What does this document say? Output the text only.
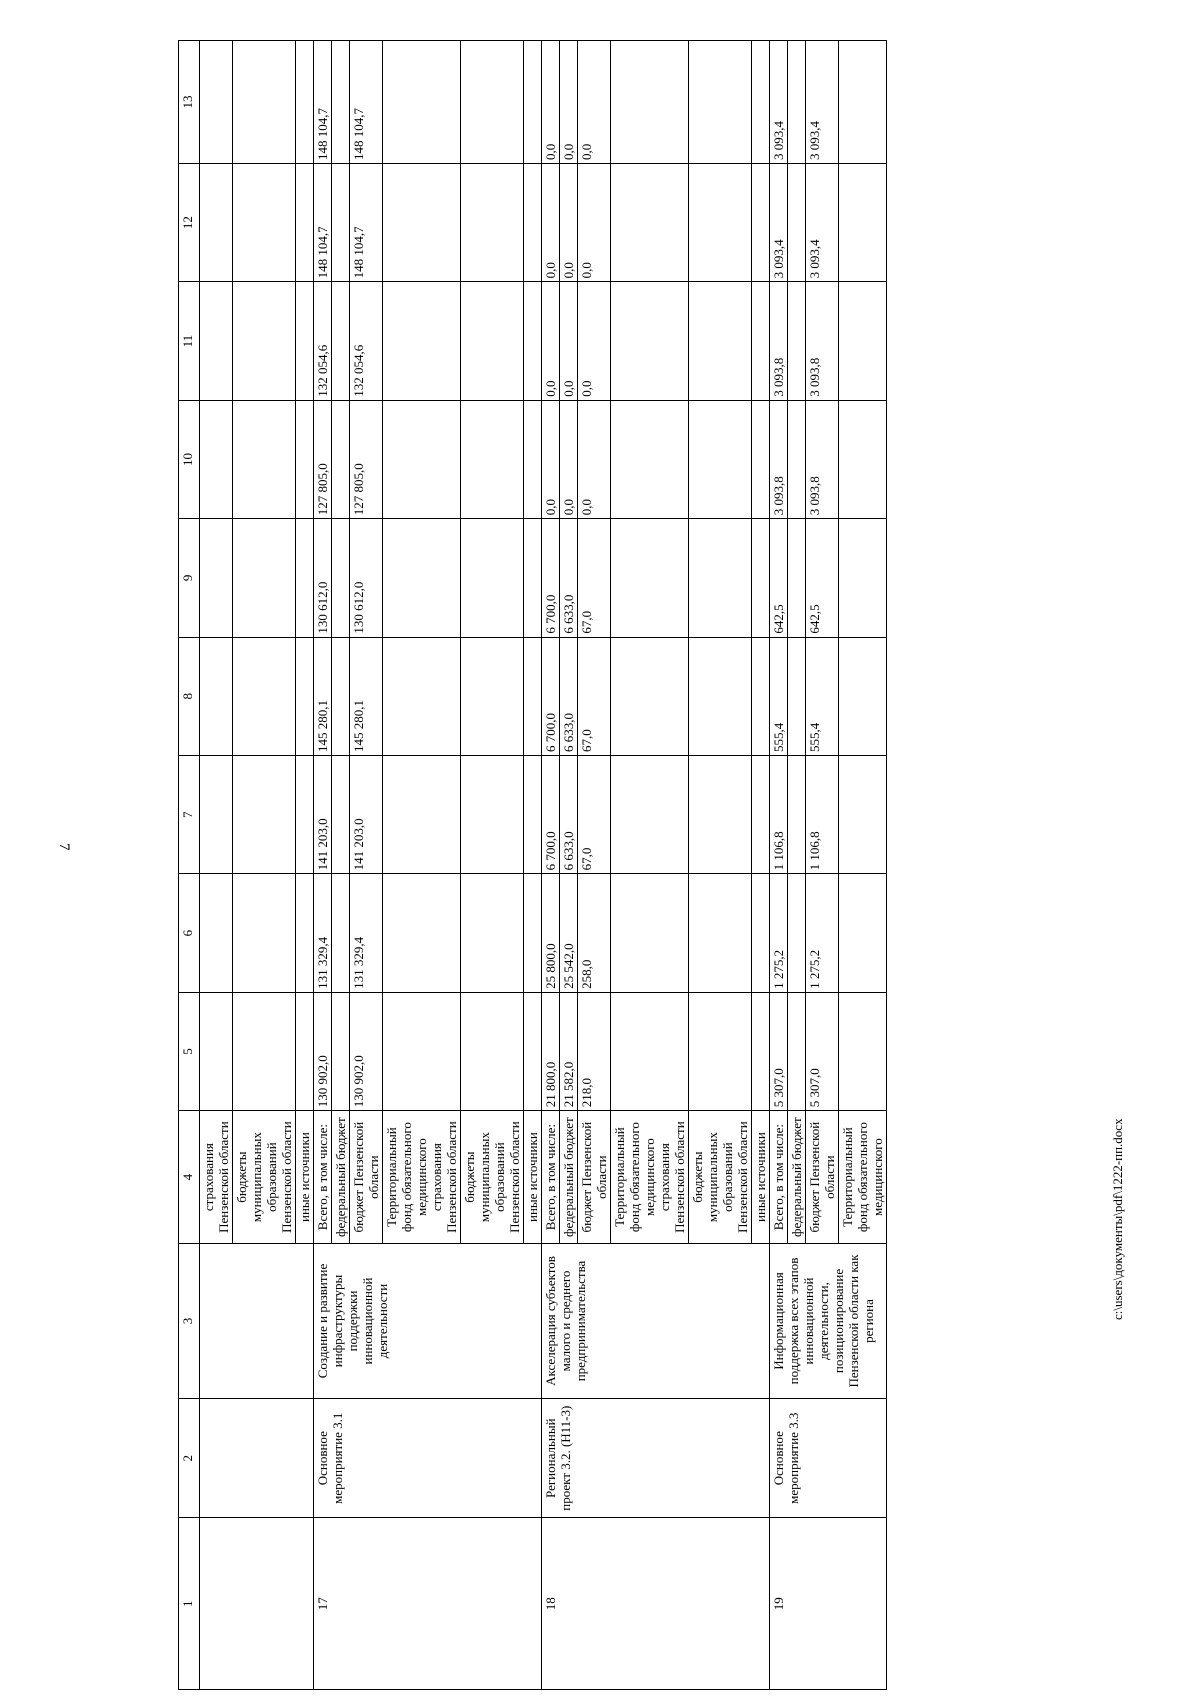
7
c:\users\документы\pdf\1222-пп.docx
1	2	3	4	5	6	7	8	9	10	11	12	13
			страхования Пензенской области									
			бюджеты муниципальных образований Пензенской области									
			иные источники									
17	Основное мероприятие 3.1	Создание и развитие инфраструктуры поддержки инновационной деятельности	Всего, в том числе:	130 902,0	131 329,4	141 203,0	145 280,1	130 612,0	127 805,0	132 054,6	148 104,7	148 104,7
			федеральный бюджет									
			бюджет Пензенской области	130 902,0	131 329,4	141 203,0	145 280,1	130 612,0	127 805,0	132 054,6	148 104,7	148 104,7
			Территориальный фонд обязательного медицинского страхования Пензенской области									
			бюджеты муниципальных образований Пензенской области									
			иные источники									
18	Региональный проект 3.2. (Н11-3)	Акселерация субъектов малого и среднего предпринимательства	Всего, в том числе:	21 800,0	25 800,0	6 700,0	6 700,0	6 700,0	0,0	0,0	0,0	0,0
			федеральный бюджет	21 582,0	25 542,0	6 633,0	6 633,0	6 633,0	0,0	0,0	0,0	0,0
			бюджет Пензенской области	218,0	258,0	67,0	67,0	67,0	0,0	0,0	0,0	0,0
			Территориальный фонд обязательного медицинского страхования Пензенской области									
			бюджеты муниципальных образований Пензенской области									
			иные источники									
19	Основное мероприятие 3.3	Информационная поддержка всех этапов инновационной деятельности, позиционирование Пензенской области как региона	Всего, в том числе:	5 307,0	1 275,2	1 106,8	555,4	642,5	3 093,8	3 093,8	3 093,4	3 093,4
			федеральный бюджет									
			бюджет Пензенской области	5 307,0	1 275,2	1 106,8	555,4	642,5	3 093,8	3 093,8	3 093,4	3 093,4
			Территориальный фонд обязательного медицинского									
